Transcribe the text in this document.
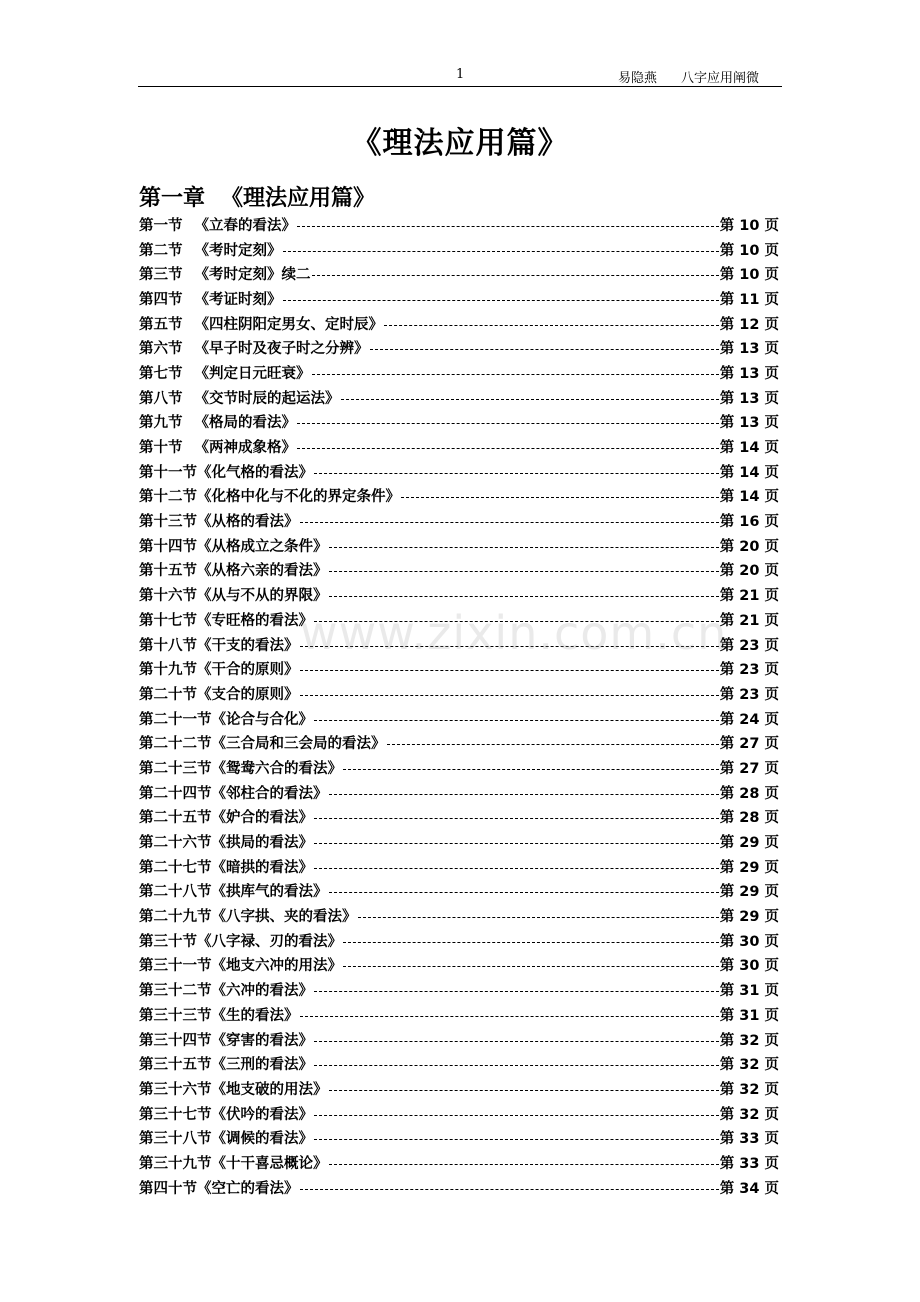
1	易隐燕 八字应用阐微
《理法应用篇》
第一章 《理法应用篇》
第一节 《立春的看法》	第 10 页
第二节 《考时定刻》	第 10 页
第三节 《考时定刻》续二	第 10 页
第四节 《考证时刻》	第 11 页
第五节 《四柱阴阳定男女、定时辰》	第 12 页
第六节 《早子时及夜子时之分辨》	第 13 页
第七节 《判定日元旺衰》	第 13 页
第八节 《交节时辰的起运法》	第 13 页
第九节 《格局的看法》	第 13 页
第十节 《两神成象格》	第 14 页
第十一节 《化气格的看法》	第 14 页
第十二节 《化格中化与不化的界定条件》	第 14 页
第十三节 《从格的看法》	第 16 页
第十四节 《从格成立之条件》	第 20 页
第十五节 《从格六亲的看法》	第 20 页
第十六节 《从与不从的界限》	第 21 页
第十七节 《专旺格的看法》	第 21 页
第十八节 《干支的看法》	第 23 页
第十九节 《干合的原则》	第 23 页
第二十节 《支合的原则》	第 23 页
第二十一节 《论合与合化》	第 24 页
第二十二节 《三合局和三会局的看法》	第 27 页
第二十三节 《鸳鸯六合的看法》	第 27 页
第二十四节 《邻柱合的看法》	第 28 页
第二十五节 《妒合的看法》	第 28 页
第二十六节 《拱局的看法》	第 29 页
第二十七节 《暗拱的看法》	第 29 页
第二十八节 《拱库气的看法》	第 29 页
第二十九节 《八字拱、夹的看法》	第 29 页
第三十节 《八字禄、刃的看法》	第 30 页
第三十一节 《地支六冲的用法》	第 30 页
第三十二节 《六冲的看法》	第 31 页
第三十三节 《生的看法》	第 31 页
第三十四节 《穿害的看法》	第 32 页
第三十五节 《三刑的看法》	第 32 页
第三十六节 《地支破的用法》	第 32 页
第三十七节 《伏吟的看法》	第 32 页
第三十八节 《调候的看法》	第 33 页
第三十九节 《十干喜忌概论》	第 33 页
第四十节 《空亡的看法》	第 34 页
www.zixin.com.cn
